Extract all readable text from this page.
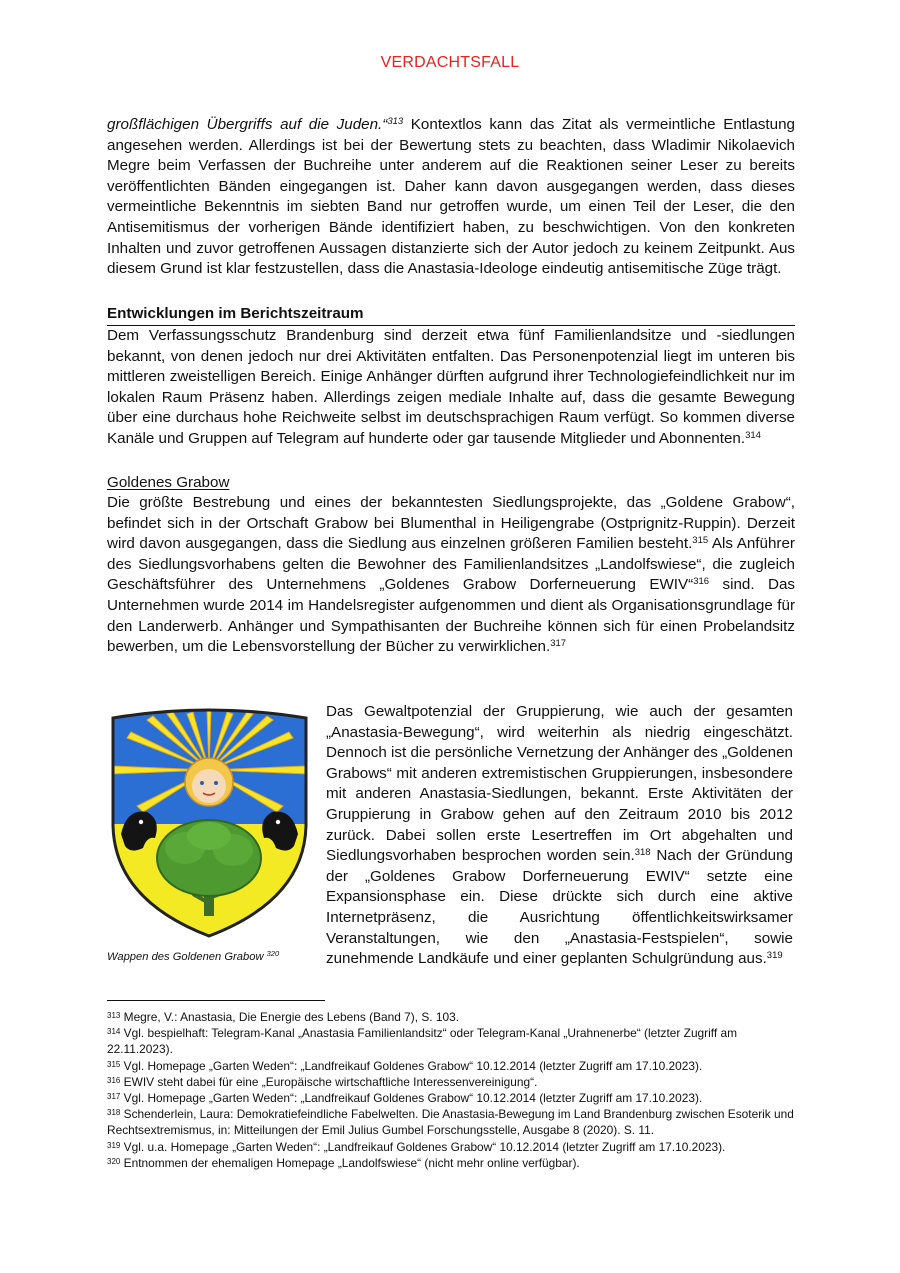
VERDACHTSFALL

großflächigen Übergriffs auf die Juden.“$^{313}$ Kontextlos kann das Zitat als vermeintliche Entlastung angesehen werden. Allerdings ist bei der Bewertung stets zu beachten, dass Wladimir Nikolaevich Megre beim Verfassen der Buchreihe unter anderem auf die Reaktionen seiner Leser zu bereits veröffentlichten Bänden eingegangen ist. Daher kann davon ausgegangen werden, dass dieses vermeintliche Bekenntnis im siebten Band nur getroffen wurde, um einen Teil der Leser, die den Antisemitismus der vorherigen Bände identifiziert haben, zu beschwichtigen. Von den konkreten Inhalten und zuvor getroffenen Aussagen distanzierte sich der Autor jedoch zu keinem Zeitpunkt. Aus diesem Grund ist klar festzustellen, dass die Anastasia-Ideologe eindeutig antisemitische Züge trägt.

Entwicklungen im Berichtszeitraum

Dem Verfassungsschutz Brandenburg sind derzeit etwa fünf Familienlandsitze und -siedlungen bekannt, von denen jedoch nur drei Aktivitäten entfalten. Das Personenpotenzial liegt im unteren bis mittleren zweistelligen Bereich. Einige Anhänger dürften aufgrund ihrer Technologiefeindlichkeit nur im lokalen Raum Präsenz haben. Allerdings zeigen mediale Inhalte auf, dass die gesamte Bewegung über eine durchaus hohe Reichweite selbst im deutschsprachigen Raum verfügt. So kommen diverse Kanäle und Gruppen auf Telegram auf hunderte oder gar tausende Mitglieder und Abonnenten.$^{314}$

Goldenes Grabow

Die größte Bestrebung und eines der bekanntesten Siedlungsprojekte, das „Goldene Grabow“, befindet sich in der Ortschaft Grabow bei Blumenthal in Heiligengrabe (Ostprignitz-Ruppin). Derzeit wird davon ausgegangen, dass die Siedlung aus einzelnen größeren Familien besteht.$^{315}$ Als Anführer des Siedlungsvorhabens gelten die Bewohner des Familienlandsitzes „Landolfswiese“, die zugleich Geschäftsführer des Unternehmens „Goldenes Grabow Dorferneuerung EWIV“$^{316}$ sind. Das Unternehmen wurde 2014 im Handelsregister aufgenommen und dient als Organisationsgrundlage für den Landerwerb. Anhänger und Sympathisanten der Buchreihe können sich für einen Probelandsitz bewerben, um die Lebensvorstellung der Bücher zu verwirklichen.$^{317}$

Wappen des Goldenen Grabow $^{320}$

Das Gewaltpotenzial der Gruppierung, wie auch der gesamten „Anastasia-Bewegung“, wird weiterhin als niedrig eingeschätzt. Dennoch ist die persönliche Vernetzung der Anhänger des „Goldenen Grabows“ mit anderen extremistischen Gruppierungen, insbesondere mit anderen Anastasia-Siedlungen, bekannt. Erste Aktivitäten der Gruppierung in Grabow gehen auf den Zeitraum 2010 bis 2012 zurück. Dabei sollen erste Lesertreffen im Ort abgehalten und Siedlungsvorhaben besprochen worden sein.$^{318}$ Nach der Gründung der „Goldenes Grabow Dorferneuerung EWIV“ setzte eine Expansionsphase ein. Diese drückte sich durch eine aktive Internetpräsenz, die Ausrichtung öffentlichkeitswirksamer Veranstaltungen, wie den „Anastasia-Festspielen“, sowie zunehmende Landkäufe und einer geplanten Schulgründung aus.$^{319}$

$^{313}$ Megre, V.: Anastasia, Die Energie des Lebens (Band 7), S. 103.

$^{314}$ Vgl. bespielhaft: Telegram-Kanal „Anastasia Familienlandsitz“ oder Telegram-Kanal „Urahnenerbe“ (letzter Zugriff am 22.11.2023).

$^{315}$ Vgl. Homepage „Garten Weden“: „Landfreikauf Goldenes Grabow“ 10.12.2014 (letzter Zugriff am 17.10.2023).

$^{316}$ EWIV steht dabei für eine „Europäische wirtschaftliche Interessenvereinigung“.

$^{317}$ Vgl. Homepage „Garten Weden“: „Landfreikauf Goldenes Grabow“ 10.12.2014 (letzter Zugriff am 17.10.2023).

$^{318}$ Schenderlein, Laura: Demokratiefeindliche Fabelwelten. Die Anastasia-Bewegung im Land Brandenburg zwischen Esoterik und Rechtsextremismus, in: Mitteilungen der Emil Julius Gumbel Forschungsstelle, Ausgabe 8 (2020). S. 11.

$^{319}$ Vgl. u.a. Homepage „Garten Weden“: „Landfreikauf Goldenes Grabow“ 10.12.2014 (letzter Zugriff am 17.10.2023).

$^{320}$ Entnommen der ehemaligen Homepage „Landolfswiese“ (nicht mehr online verfügbar).
